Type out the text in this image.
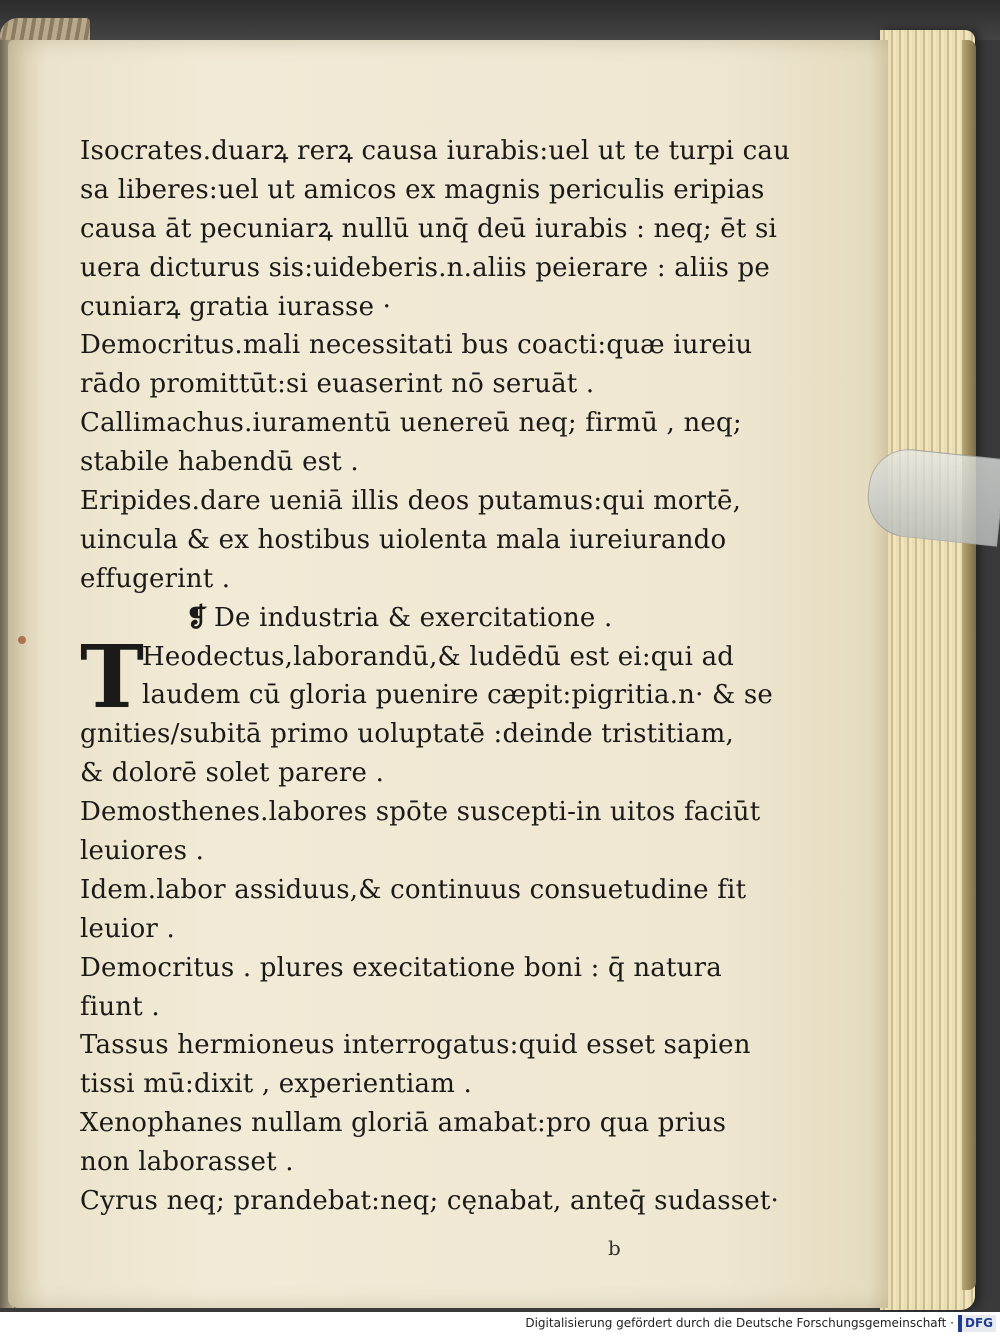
Isocrates.duarꝝ rerꝝ causa iurabis:uel ut te turpi cau
sa liberes:uel ut amicos ex magnis periculis eripias
causa āt pecuniarꝝ nullū unq̄ deū iurabis : neq; ēt si
uera dicturus sis:uideberis.n.aliis peierare : aliis pe
cuniarꝝ gratia iurasse ·
Democritus.mali necessitati bus coacti:quæ iureiu
rādo promittūt:si euaserint nō seruāt .
Callimachus.iuramentū uenereū neq; firmū , neq;
stabile habendū est .
Eripides.dare ueniā illis deos putamus:qui mortē,
uincula & ex hostibus uiolenta mala iureiurando
effugerint .
❡ De industria & exercitatione .
T
Heodectus,laborandū,& ludēdū est ei:qui ad
laudem cū gloria puenire cæpit:pigritia.n· & se
gnities/subitā primo uoluptatē :deinde tristitiam,
& dolorē solet parere .
Demosthenes.labores spōte suscepti-in uitos faciūt
leuiores .
Idem.labor assiduus,& continuus consuetudine fit
leuior .
Democritus . plures execitatione boni : q̄ natura
fiunt .
Tassus hermioneus interrogatus:quid esset sapien
tissi mū:dixit , experientiam .
Xenophanes nullam gloriā amabat:pro qua prius
non laborasset .
Cyrus neq; prandebat:neq; cęnabat, anteq̄ sudasset·
b
Digitalisierung gefördert durch die Deutsche Forschungsgemeinschaft · DFG
